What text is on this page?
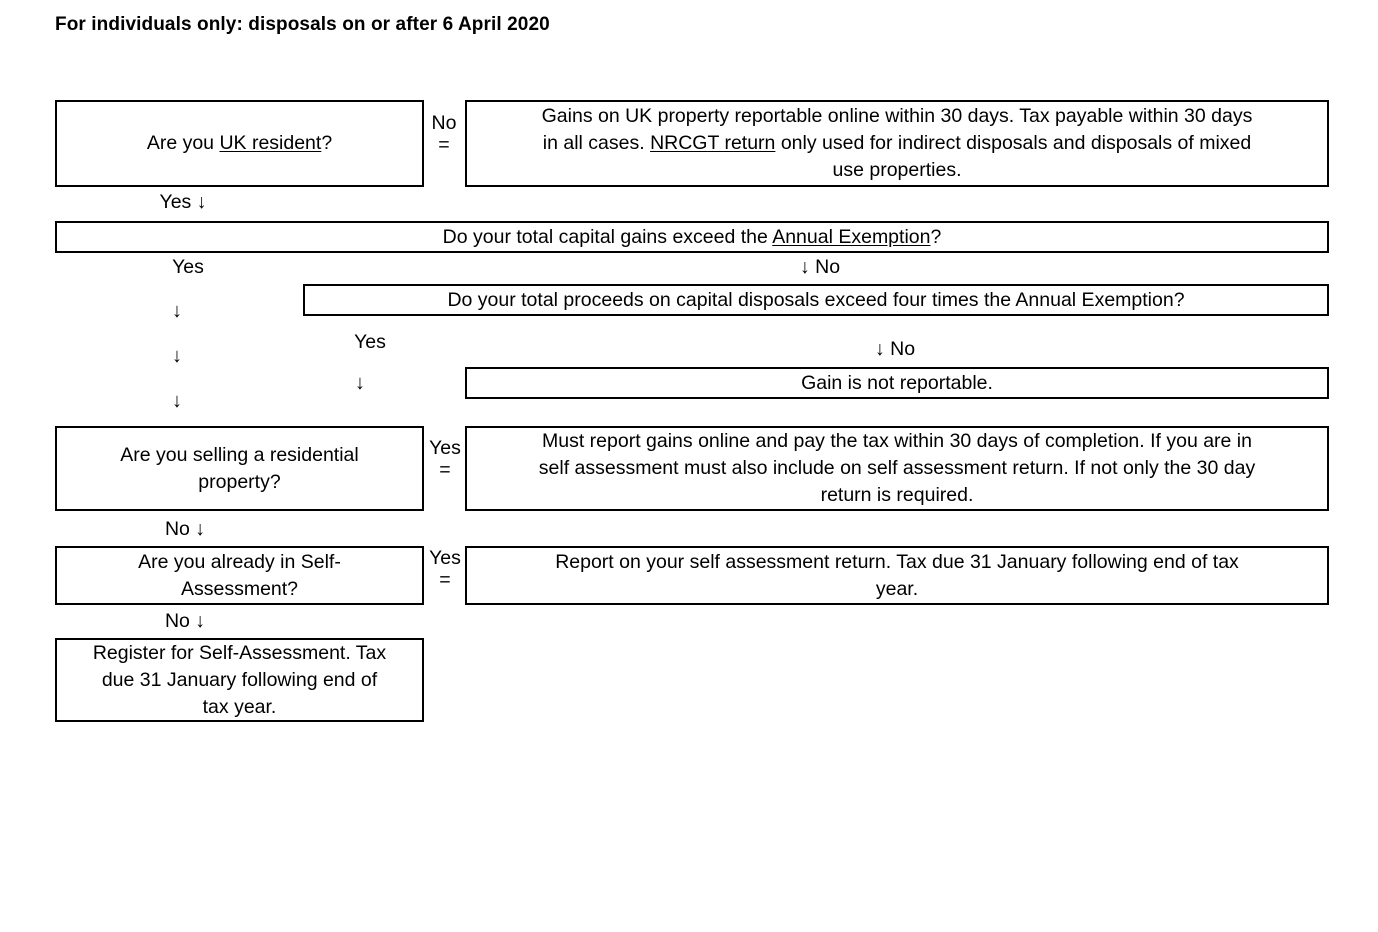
For individuals only: disposals on or after 6 April 2020
Are you UK resident?
No
=
Gains on UK property reportable online within 30 days. Tax payable within 30 days
in all cases. NRCGT return only used for indirect disposals and disposals of mixed
use properties.
Yes ↓
Do your total capital gains exceed the Annual Exemption?
Yes	↓ No
Do your total proceeds on capital disposals exceed four times the Annual Exemption?
↓
↓
↓
Yes
↓
↓ No
Gain is not reportable.
Are you selling a residential
property?
Yes
=
Must report gains online and pay the tax within 30 days of completion. If you are in
self assessment must also include on self assessment return. If not only the 30 day
return is required.
No ↓
Are you already in Self-
Assessment?
Yes
=
Report on your self assessment return. Tax due 31 January following end of tax
year.
No ↓
Register for Self-Assessment. Tax
due 31 January following end of
tax year.
